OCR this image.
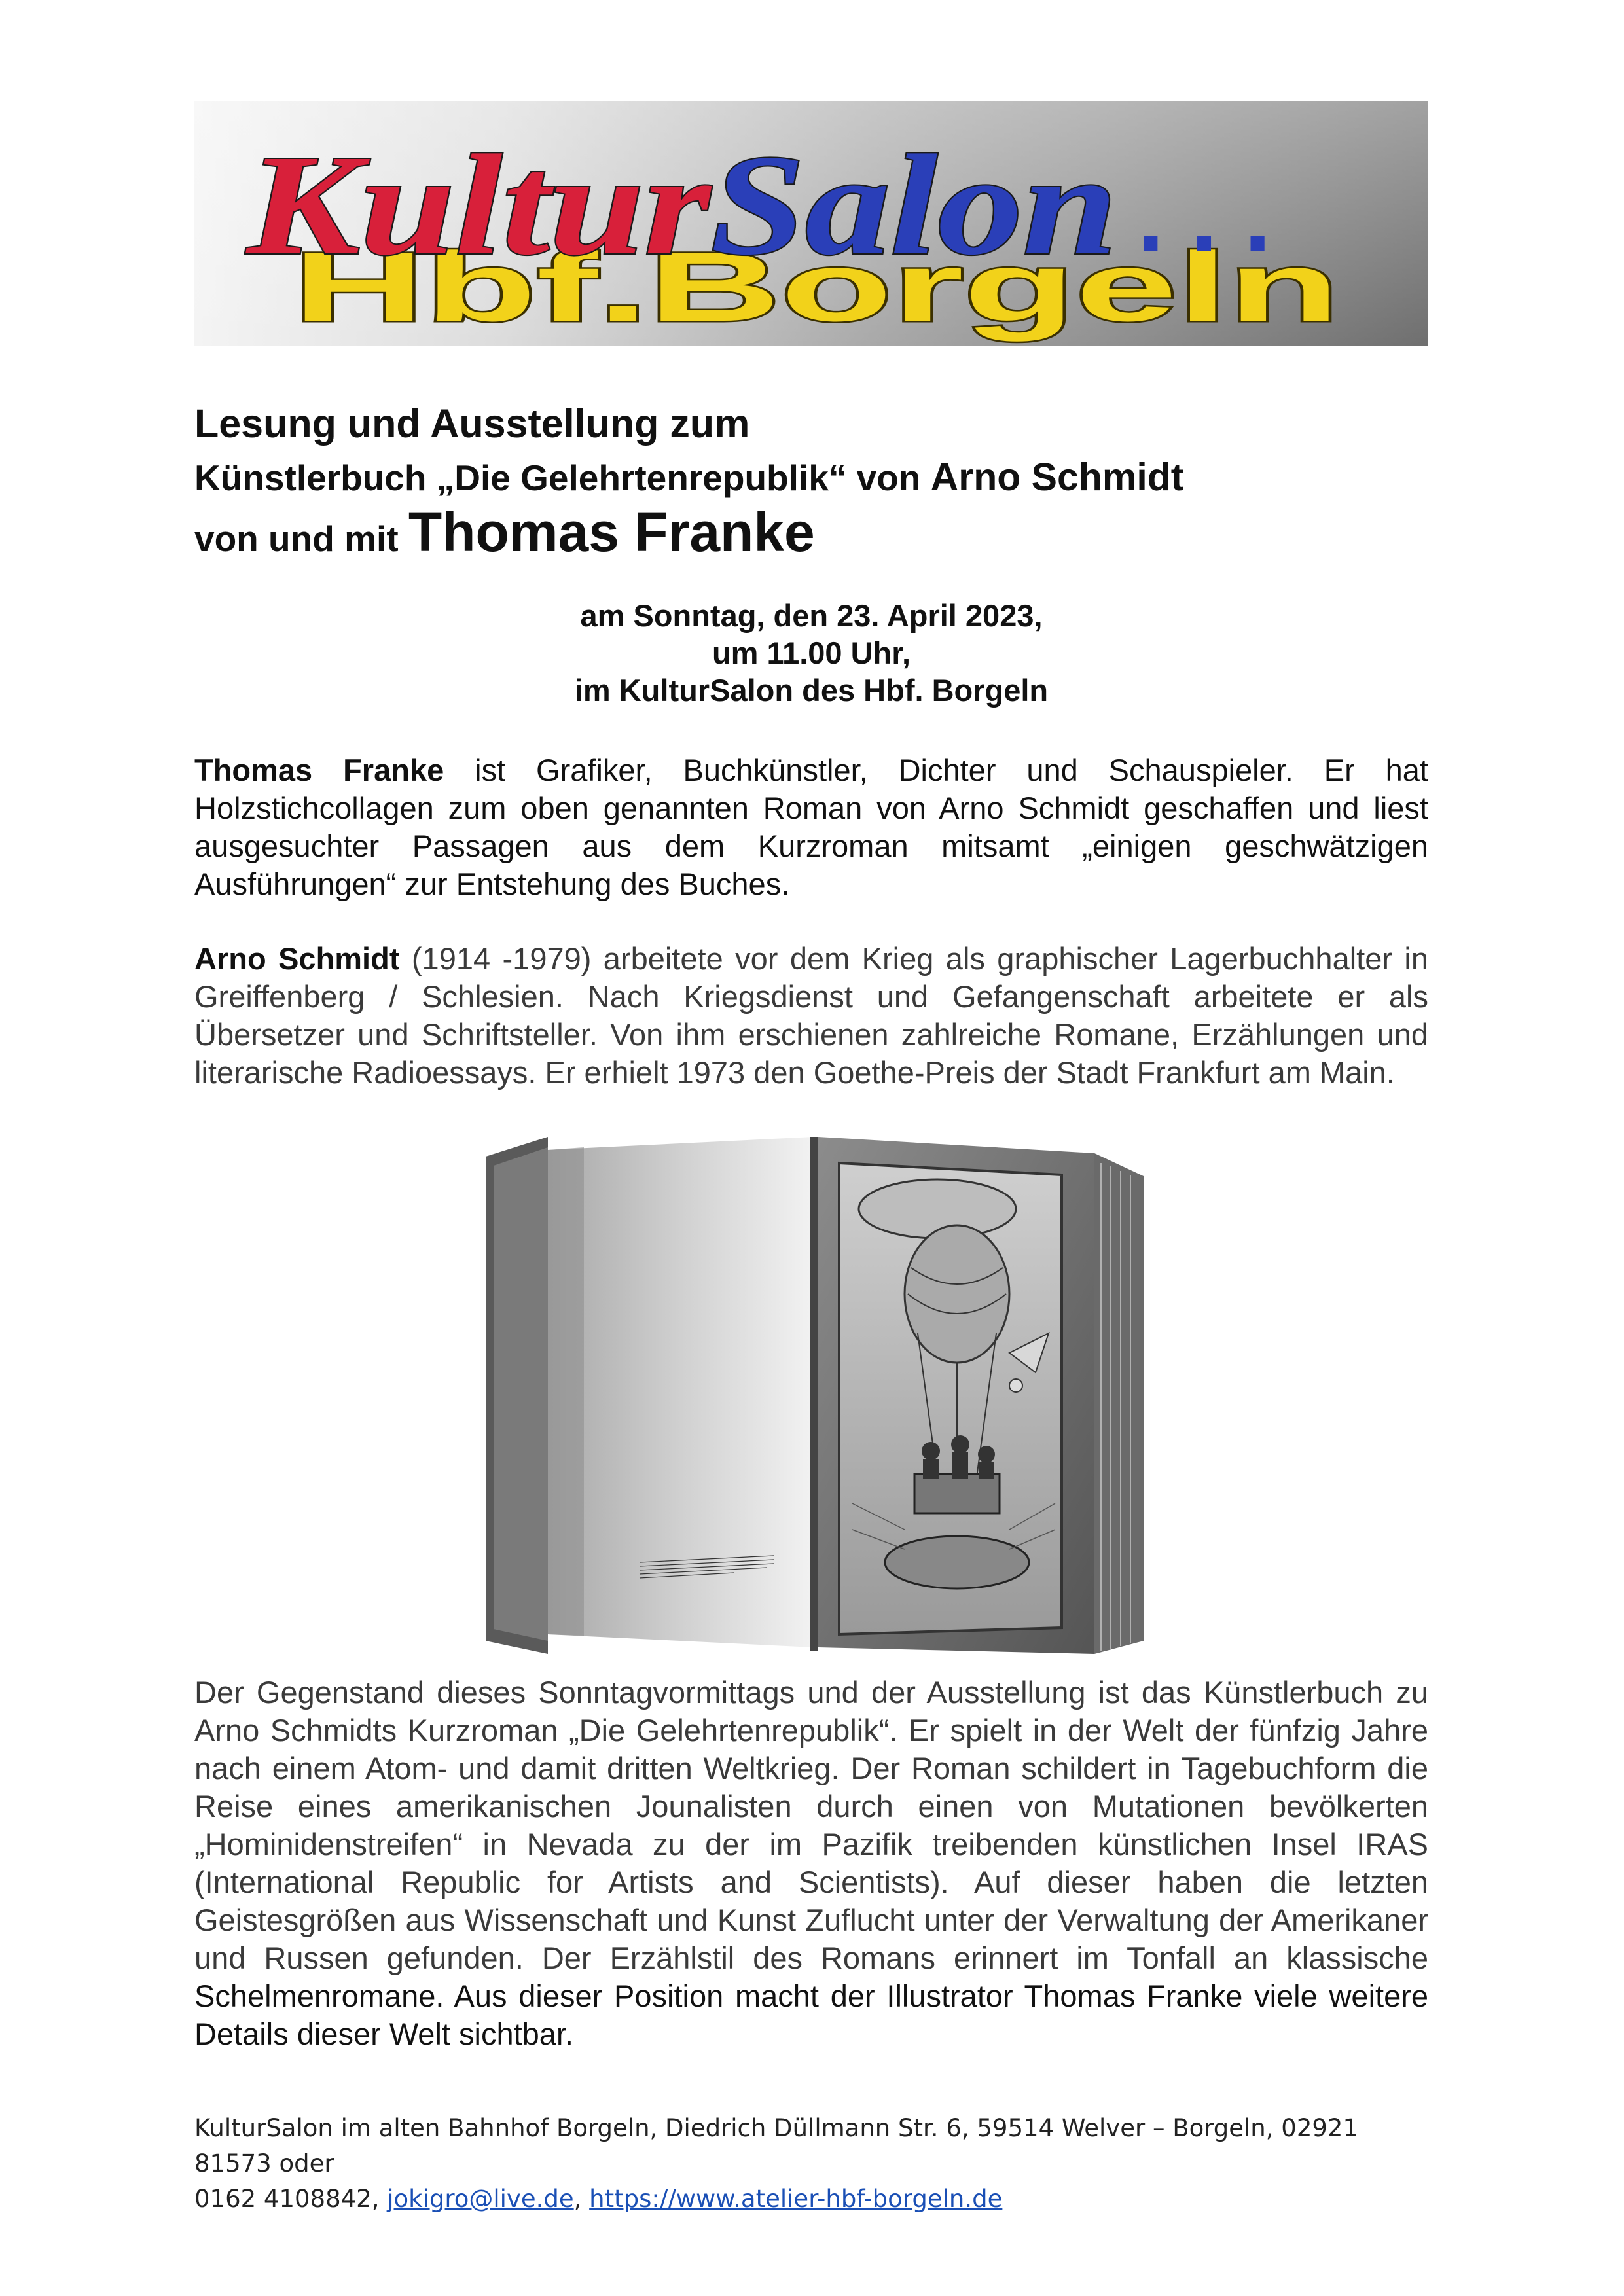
Hbf.Borgeln
Kultur Salon ...
Lesung und Ausstellung zum
Künstlerbuch „Die Gelehrtenrepublik“ von Arno Schmidt
von und mit Thomas Franke
am Sonntag, den 23. April 2023,
um 11.00 Uhr,
im KulturSalon des Hbf. Borgeln
Thomas Franke ist Grafiker, Buchkünstler, Dichter und Schauspieler. Er hat Holzstichcollagen zum oben genannten Roman von Arno Schmidt geschaffen und liest ausgesuchter Passagen aus dem Kurzroman mitsamt „einigen geschwätzigen Ausführungen“ zur Entstehung des Buches.
Arno Schmidt (1914 -1979) arbeitete vor dem Krieg als graphischer Lagerbuchhalter in Greiffenberg / Schlesien. Nach Kriegsdienst und Gefangenschaft arbeitete er als Übersetzer und Schriftsteller. Von ihm erschienen zahlreiche Romane, Erzählungen und literarische Radioessays. Er erhielt 1973 den Goethe-Preis der Stadt Frankfurt am Main.
Der Gegenstand dieses Sonntagvormittags und der Ausstellung ist das Künstlerbuch zu Arno Schmidts Kurzroman „Die Gelehrtenrepublik“. Er spielt in der Welt der fünfzig Jahre nach einem Atom- und damit dritten Weltkrieg. Der Roman schildert in Tagebuchform die Reise eines amerikanischen Jounalisten durch einen von Mutationen bevölkerten „Hominidenstreifen“ in Nevada zu der im Pazifik treibenden künstlichen Insel IRAS (International Republic for Artists and Scientists). Auf dieser haben die letzten Geistesgrößen aus Wissenschaft und Kunst Zuflucht unter der Verwaltung der Amerikaner und Russen gefunden. Der Erzählstil des Romans erinnert im Tonfall an klassische Schelmenromane. Aus dieser Position macht der Illustrator Thomas Franke viele weitere Details dieser Welt sichtbar.
KulturSalon im alten Bahnhof Borgeln, Diedrich Düllmann Str. 6, 59514 Welver – Borgeln, 02921 81573 oder
0162 4108842, jokigro@live.de, https://www.atelier-hbf-borgeln.de
